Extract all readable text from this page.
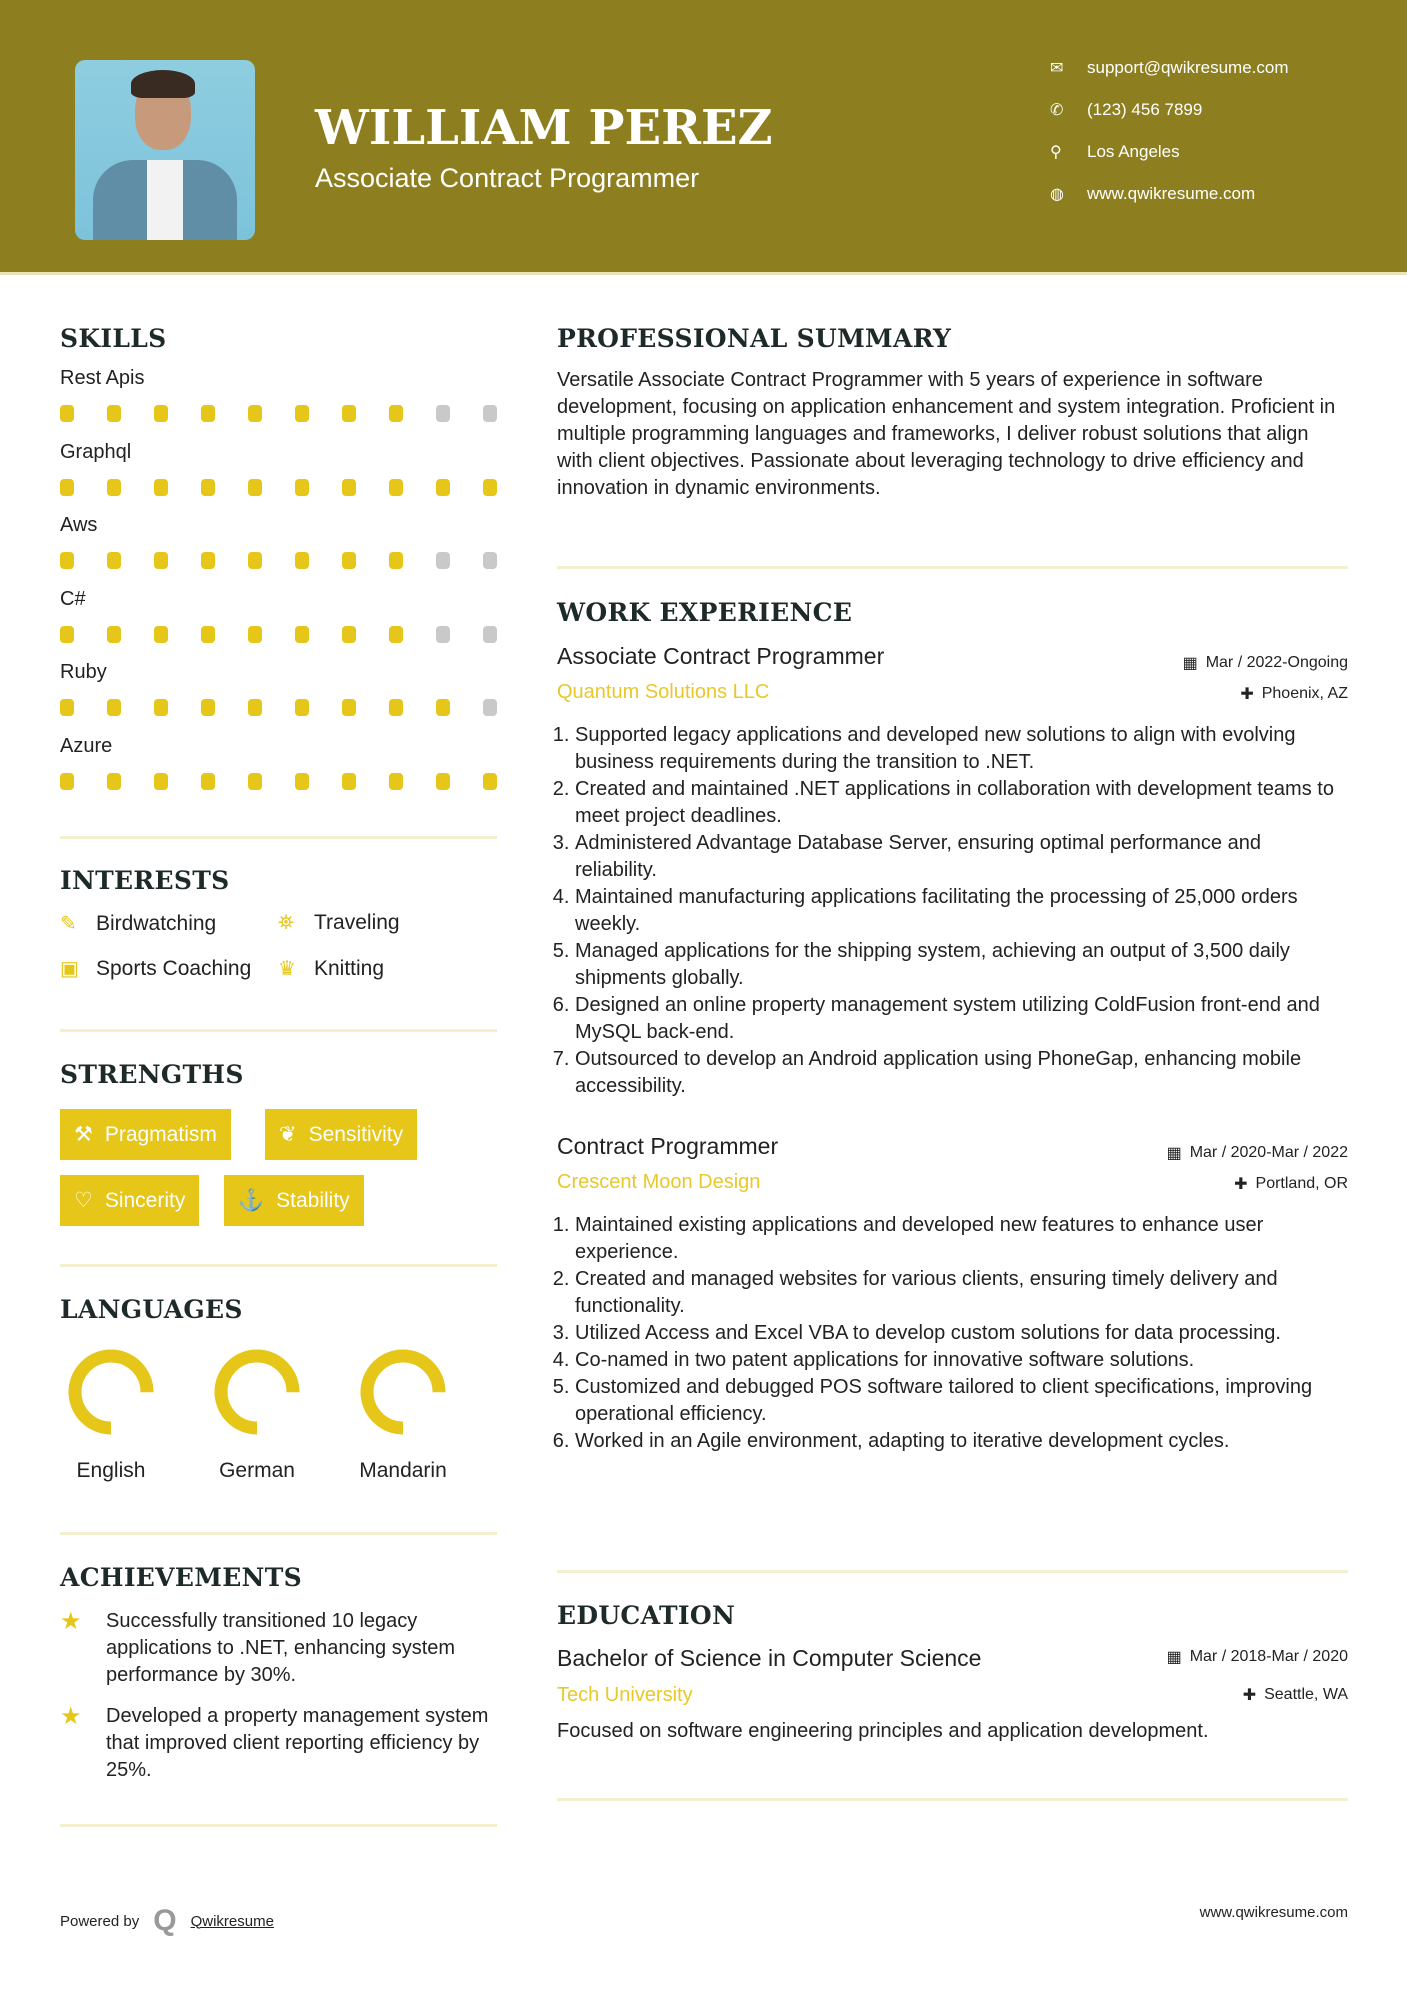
WILLIAM PEREZ
Associate Contract Programmer
✉	support@qwikresume.com
✆	(123) 456 7899
⚲	Los Angeles
◍	www.qwikresume.com
SKILLS
Rest Apis
Graphql
Aws
C#
Ruby
Azure
INTERESTS
✎ Birdwatching	⛯ Traveling
▣ Sports Coaching ♛ Knitting
STRENGTHS
⚒ Pragmatism	❦ Sensitivity
♡ Sincerity	⚓ Stability
LANGUAGES
English	German	Mandarin
ACHIEVEMENTS
★	Successfully transitioned 10 legacy applications to .NET, enhancing system performance by 30%.
★	Developed a property management system that improved client reporting efficiency by 25%.
PROFESSIONAL SUMMARY
Versatile Associate Contract Programmer with 5 years of experience in software development, focusing on application enhancement and system integration. Proficient in multiple programming languages and frameworks, I deliver robust solutions that align with client objectives. Passionate about leveraging technology to drive efficiency and innovation in dynamic environments.
WORK EXPERIENCE
Associate Contract Programmer	▦ Mar / 2022-Ongoing
Quantum Solutions LLC	✚ Phoenix, AZ
1. Supported legacy applications and developed new solutions to align with evolving business requirements during the transition to .NET.
2. Created and maintained .NET applications in collaboration with development teams to meet project deadlines.
3. Administered Advantage Database Server, ensuring optimal performance and reliability.
4. Maintained manufacturing applications facilitating the processing of 25,000 orders weekly.
5. Managed applications for the shipping system, achieving an output of 3,500 daily shipments globally.
6. Designed an online property management system utilizing ColdFusion front-end and MySQL back-end.
7. Outsourced to develop an Android application using PhoneGap, enhancing mobile accessibility.
Contract Programmer	▦ Mar / 2020-Mar / 2022
Crescent Moon Design	✚ Portland, OR
1. Maintained existing applications and developed new features to enhance user experience.
2. Created and managed websites for various clients, ensuring timely delivery and functionality.
3. Utilized Access and Excel VBA to develop custom solutions for data processing.
4. Co-named in two patent applications for innovative software solutions.
5. Customized and debugged POS software tailored to client specifications, improving operational efficiency.
6. Worked in an Agile environment, adapting to iterative development cycles.
EDUCATION
Bachelor of Science in Computer Science	▦ Mar / 2018-Mar / 2020
Tech University	✚ Seattle, WA
Focused on software engineering principles and application development.
Powered by Q Qwikresume	www.qwikresume.com
